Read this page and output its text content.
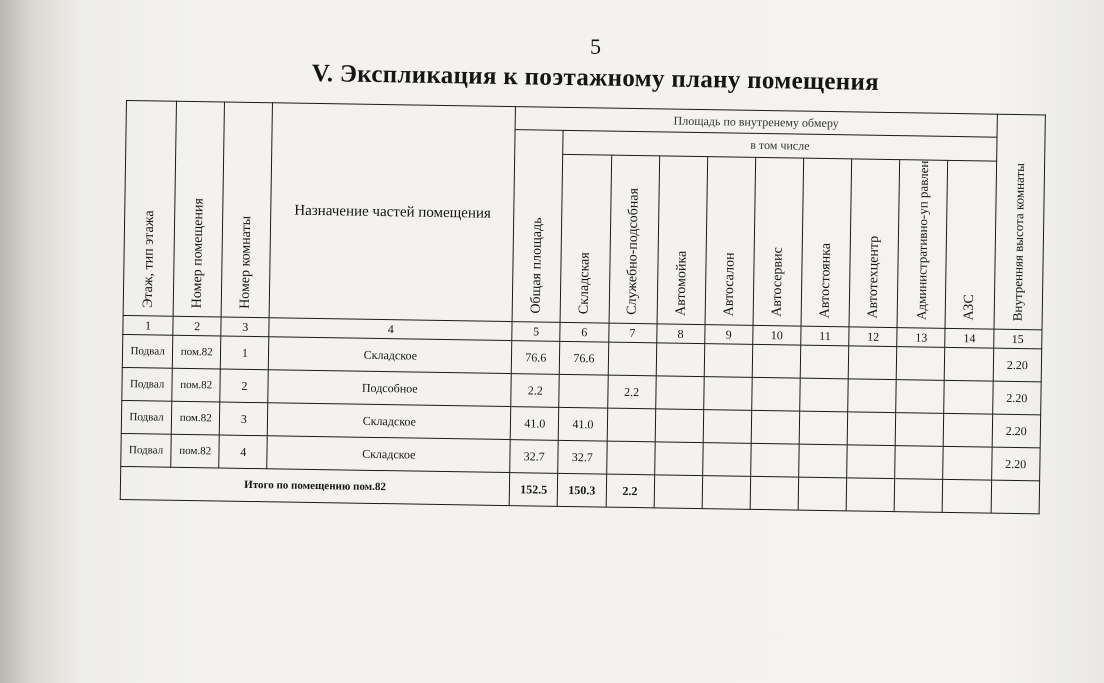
5
V. Экспликация к поэтажному плану помещения
Этаж, тип этажа	Номер помещения	Номер комнаты	Назначение частей помещения	Площадь по внутренему обмеру										Внутренняя высота комнаты
				Общая площадь	в том числе									
					Складская	Служебно-подсобная	Автомойка	Автосалон	Автосервис	Автостоянка	Автотехцентр	Административно-уп равлен	АЗС	
1	2	3	4	5	6	7	8	9	10	11	12	13	14	15
Подвал	пом.82	1	Складское	76.6	76.6									2.20
Подвал	пом.82	2	Подсобное	2.2		2.2								2.20
Подвал	пом.82	3	Складское	41.0	41.0									2.20
Подвал	пом.82	4	Складское	32.7	32.7									2.20
Итого по помещению пом.82				152.5	150.3	2.2								
